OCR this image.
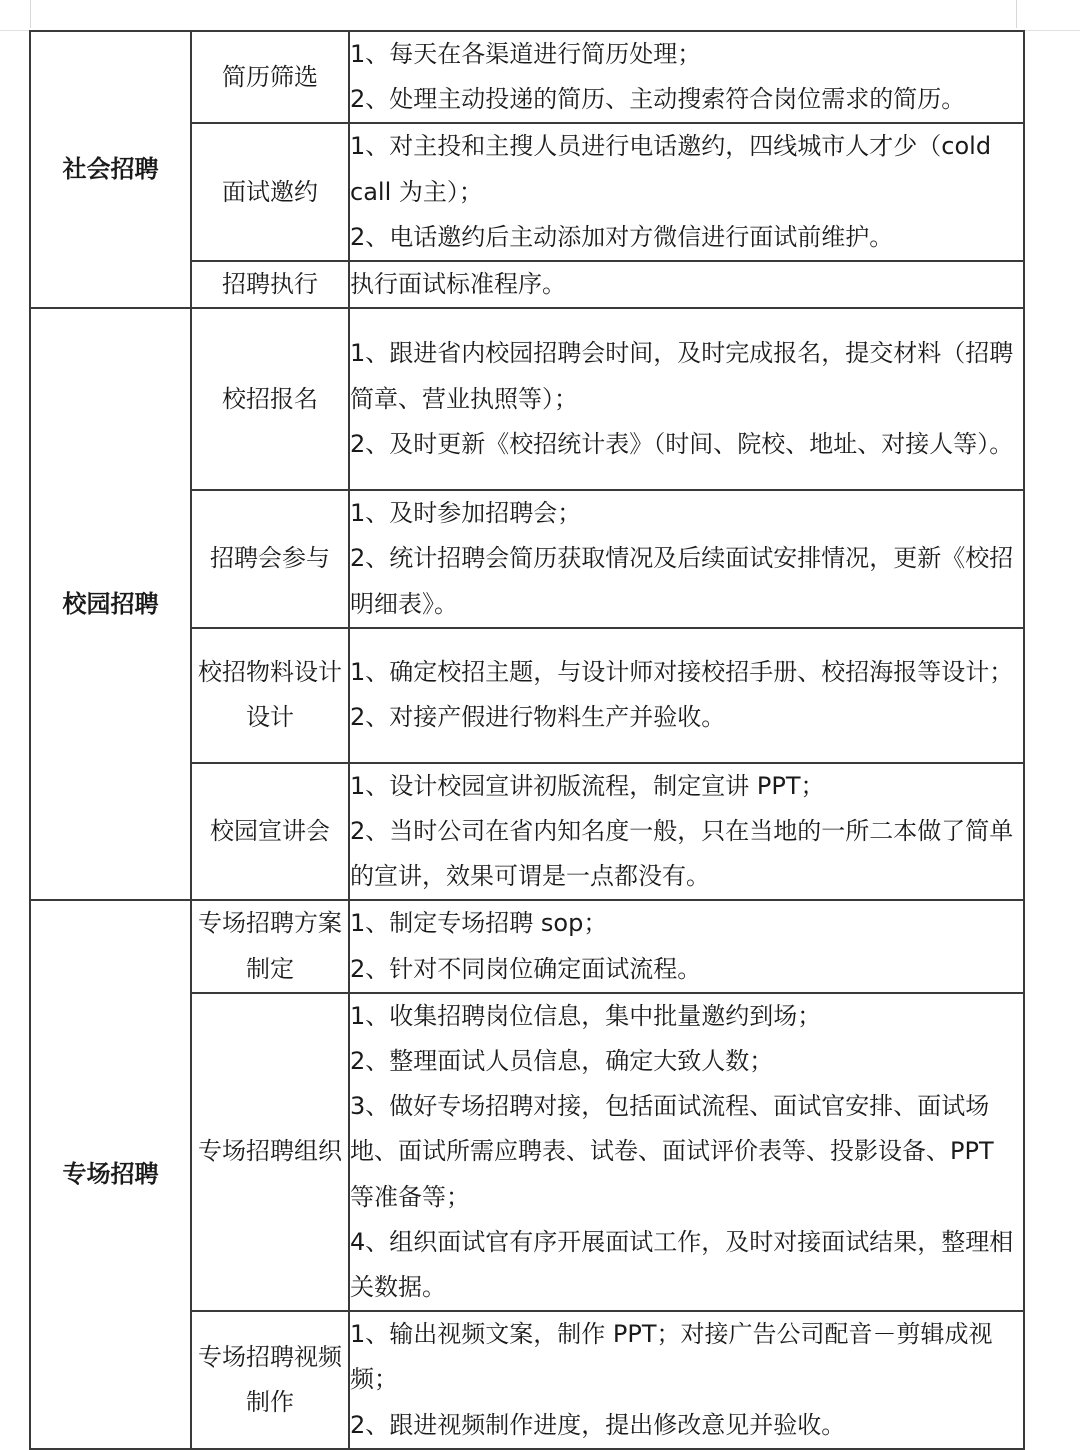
社会招聘	简历筛选	1、每天在各渠道进行简历处理；
2、处理主动投递的简历、主动搜索符合岗位需求的简历。

	面试邀约	1、对主投和主搜人员进行电话邀约，四线城市人才少（cold call 为主）；
2、电话邀约后主动添加对方微信进行面试前维护。

	招聘执行	执行面试标准程序。

校园招聘	校招报名	1、跟进省内校园招聘会时间，及时完成报名，提交材料（招聘简章、营业执照等）；
2、及时更新《校招统计表》（时间、院校、地址、对接人等）。

	招聘会参与	1、及时参加招聘会；
2、统计招聘会简历获取情况及后续面试安排情况，更新《校招明细表》。

	校招物料设计设计	1、确定校招主题，与设计师对接校招手册、校招海报等设计；
2、对接产假进行物料生产并验收。

	校园宣讲会	1、设计校园宣讲初版流程，制定宣讲 PPT；
2、当时公司在省内知名度一般，只在当地的一所二本做了简单的宣讲，效果可谓是一点都没有。

专场招聘	专场招聘方案制定	1、制定专场招聘 sop；
2、针对不同岗位确定面试流程。

	专场招聘组织	1、收集招聘岗位信息，集中批量邀约到场；
2、整理面试人员信息，确定大致人数；
3、做好专场招聘对接，包括面试流程、面试官安排、面试场地、面试所需应聘表、试卷、面试评价表等、投影设备、PPT 等准备等；
4、组织面试官有序开展面试工作，及时对接面试结果，整理相关数据。

	专场招聘视频制作	1、输出视频文案，制作 PPT；对接广告公司配音－剪辑成视频；
2、跟进视频制作进度，提出修改意见并验收。
